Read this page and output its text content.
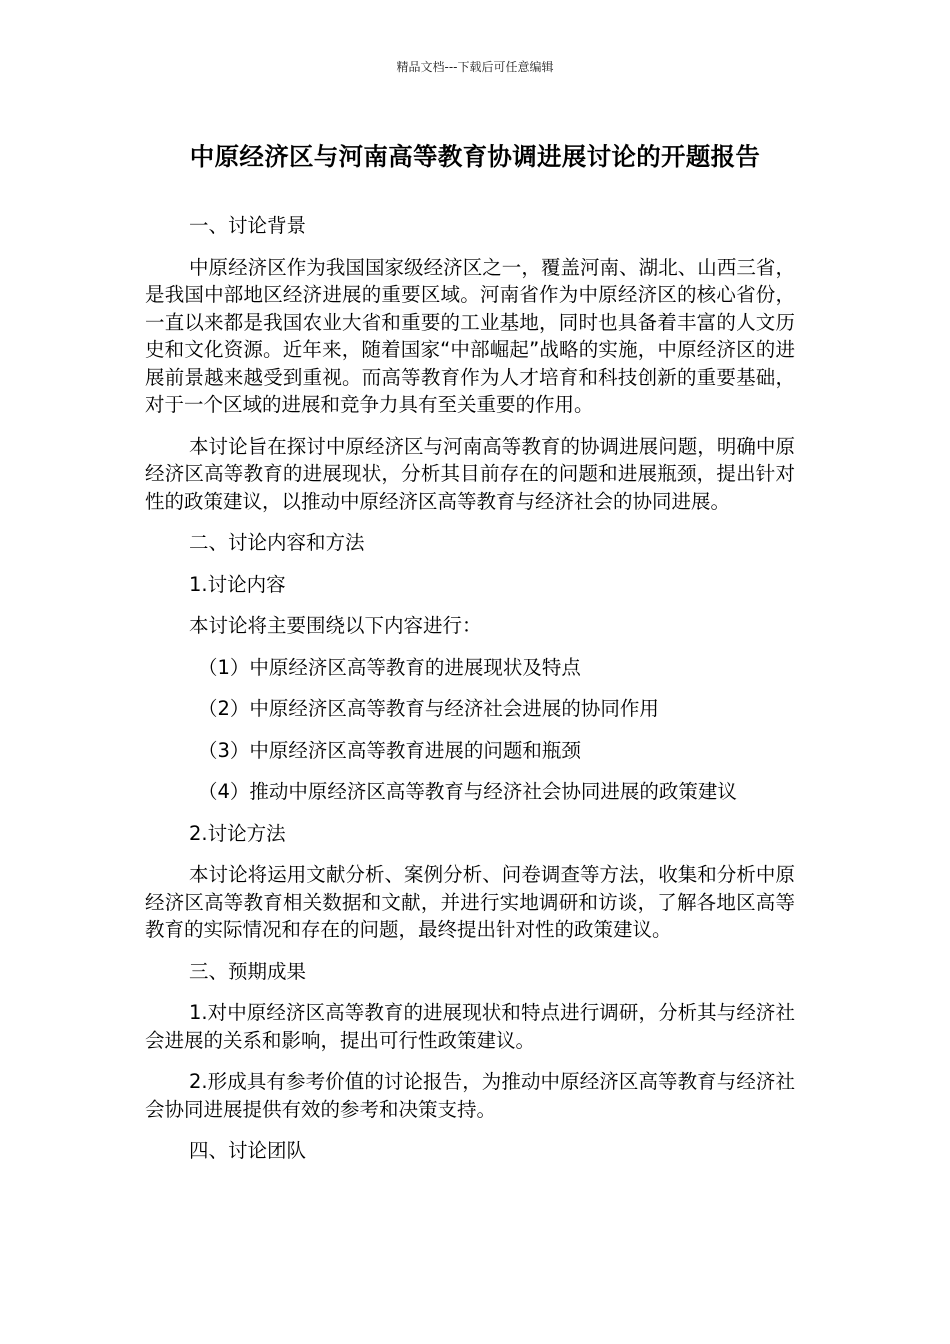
精品文档---下载后可任意编辑
中原经济区与河南高等教育协调进展讨论的开题报告

一、讨论背景

中原经济区作为我国国家级经济区之一，覆盖河南、湖北、山西三省，是我国中部地区经济进展的重要区域。河南省作为中原经济区的核心省份，一直以来都是我国农业大省和重要的工业基地，同时也具备着丰富的人文历史和文化资源。近年来，随着国家“中部崛起”战略的实施，中原经济区的进展前景越来越受到重视。而高等教育作为人才培育和科技创新的重要基础，对于一个区域的进展和竞争力具有至关重要的作用。

本讨论旨在探讨中原经济区与河南高等教育的协调进展问题，明确中原经济区高等教育的进展现状，分析其目前存在的问题和进展瓶颈，提出针对性的政策建议，以推动中原经济区高等教育与经济社会的协同进展。

二、讨论内容和方法

1.讨论内容

本讨论将主要围绕以下内容进行：

（1）中原经济区高等教育的进展现状及特点

（2）中原经济区高等教育与经济社会进展的协同作用

（3）中原经济区高等教育进展的问题和瓶颈

（4）推动中原经济区高等教育与经济社会协同进展的政策建议

2.讨论方法

本讨论将运用文献分析、案例分析、问卷调查等方法，收集和分析中原经济区高等教育相关数据和文献，并进行实地调研和访谈，了解各地区高等教育的实际情况和存在的问题，最终提出针对性的政策建议。

三、预期成果

1.对中原经济区高等教育的进展现状和特点进行调研，分析其与经济社会进展的关系和影响，提出可行性政策建议。

2.形成具有参考价值的讨论报告，为推动中原经济区高等教育与经济社会协同进展提供有效的参考和决策支持。

四、讨论团队
